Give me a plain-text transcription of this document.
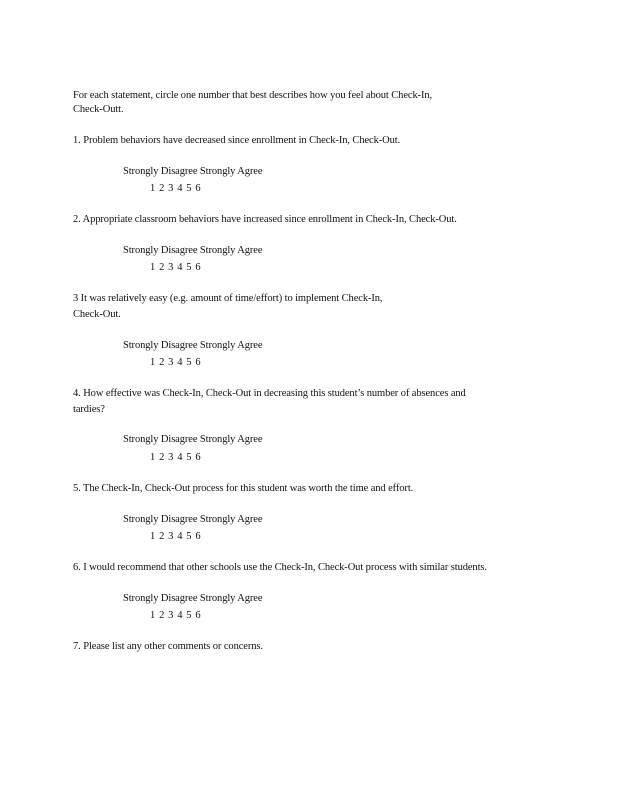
For each statement, circle one number that best describes how you feel about Check-In,
Check-Outt.
1. Problem behaviors have decreased since enrollment in Check-In, Check-Out.
Strongly Disagree Strongly Agree
1 2 3 4 5 6
2. Appropriate classroom behaviors have increased since enrollment in Check-In, Check-Out.
Strongly Disagree Strongly Agree
1 2 3 4 5 6
3 It was relatively easy (e.g. amount of time/effort) to implement Check-In,
Check-Out.
Strongly Disagree Strongly Agree
1 2 3 4 5 6
4. How effective was Check-In, Check-Out in decreasing this student’s number of absences and
tardies?
Strongly Disagree Strongly Agree
1 2 3 4 5 6
5. The Check-In, Check-Out process for this student was worth the time and effort.
Strongly Disagree Strongly Agree
1 2 3 4 5 6
6. I would recommend that other schools use the Check-In, Check-Out process with similar students.
Strongly Disagree Strongly Agree
1 2 3 4 5 6
7. Please list any other comments or concerns.
